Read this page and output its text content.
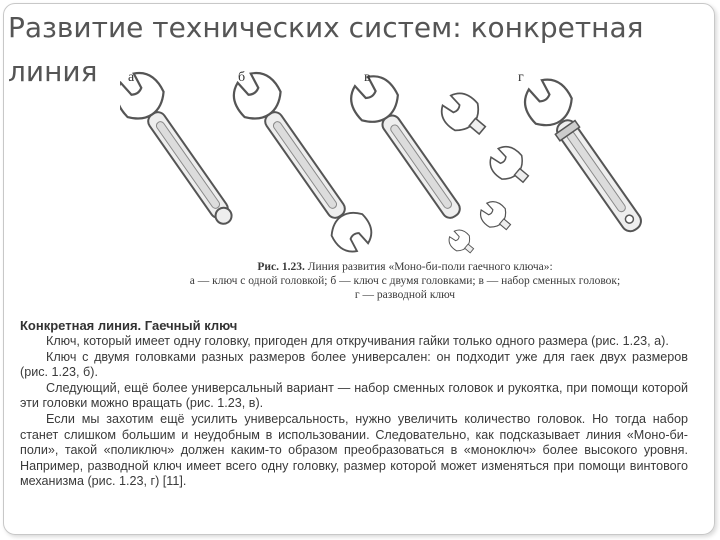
Развитие технических систем: конкретная линия	а	б	в	г
Рис. 1.23. Линия развития «Моно-би-поли гаечного ключа»:
а — ключ с одной головкой; б — ключ с двумя головками; в — набор сменных головок;
г — разводной ключ
Конкретная линия. Гаечный ключ

Ключ, который имеет одну головку, пригоден для откручивания гайки только одного размера (рис. 1.23, а).

Ключ с двумя головками разных размеров более универсален: он подходит уже для гаек двух размеров (рис. 1.23, б).

Следующий, ещё более универсальный вариант — набор сменных головок и рукоятка, при помощи которой эти головки можно вращать (рис. 1.23, в).

Если мы захотим ещё усилить универсальность, нужно увеличить количество головок. Но тогда набор станет слишком большим и неудобным в использовании. Следовательно, как подсказывает линия «Моно-би-поли», такой «полиключ» должен каким-то образом преобразоваться в «моноключ» более высокого уровня. Например, разводной ключ имеет всего одну головку, размер которой может изменяться при помощи винтового механизма (рис. 1.23, г) [11].
